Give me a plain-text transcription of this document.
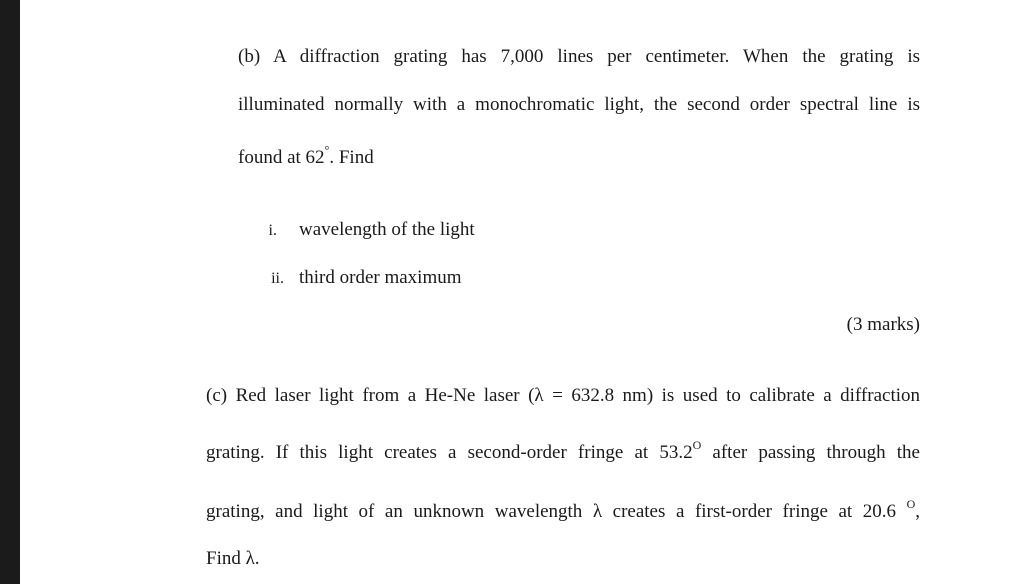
(b) A diffraction grating has 7,000 lines per centimeter. When the grating is
illuminated normally with a monochromatic light, the second order spectral line is
found at 62°. Find
i. wavelength of the light
ii. third order maximum
(3 marks)
(c) Red laser light from a He-Ne laser (λ = 632.8 nm) is used to calibrate a diffraction
grating. If this light creates a second-order fringe at $53.2^O$ after passing through the
grating, and light of an unknown wavelength λ creates a first-order fringe at 20.6 $^O$,
Find λ.
